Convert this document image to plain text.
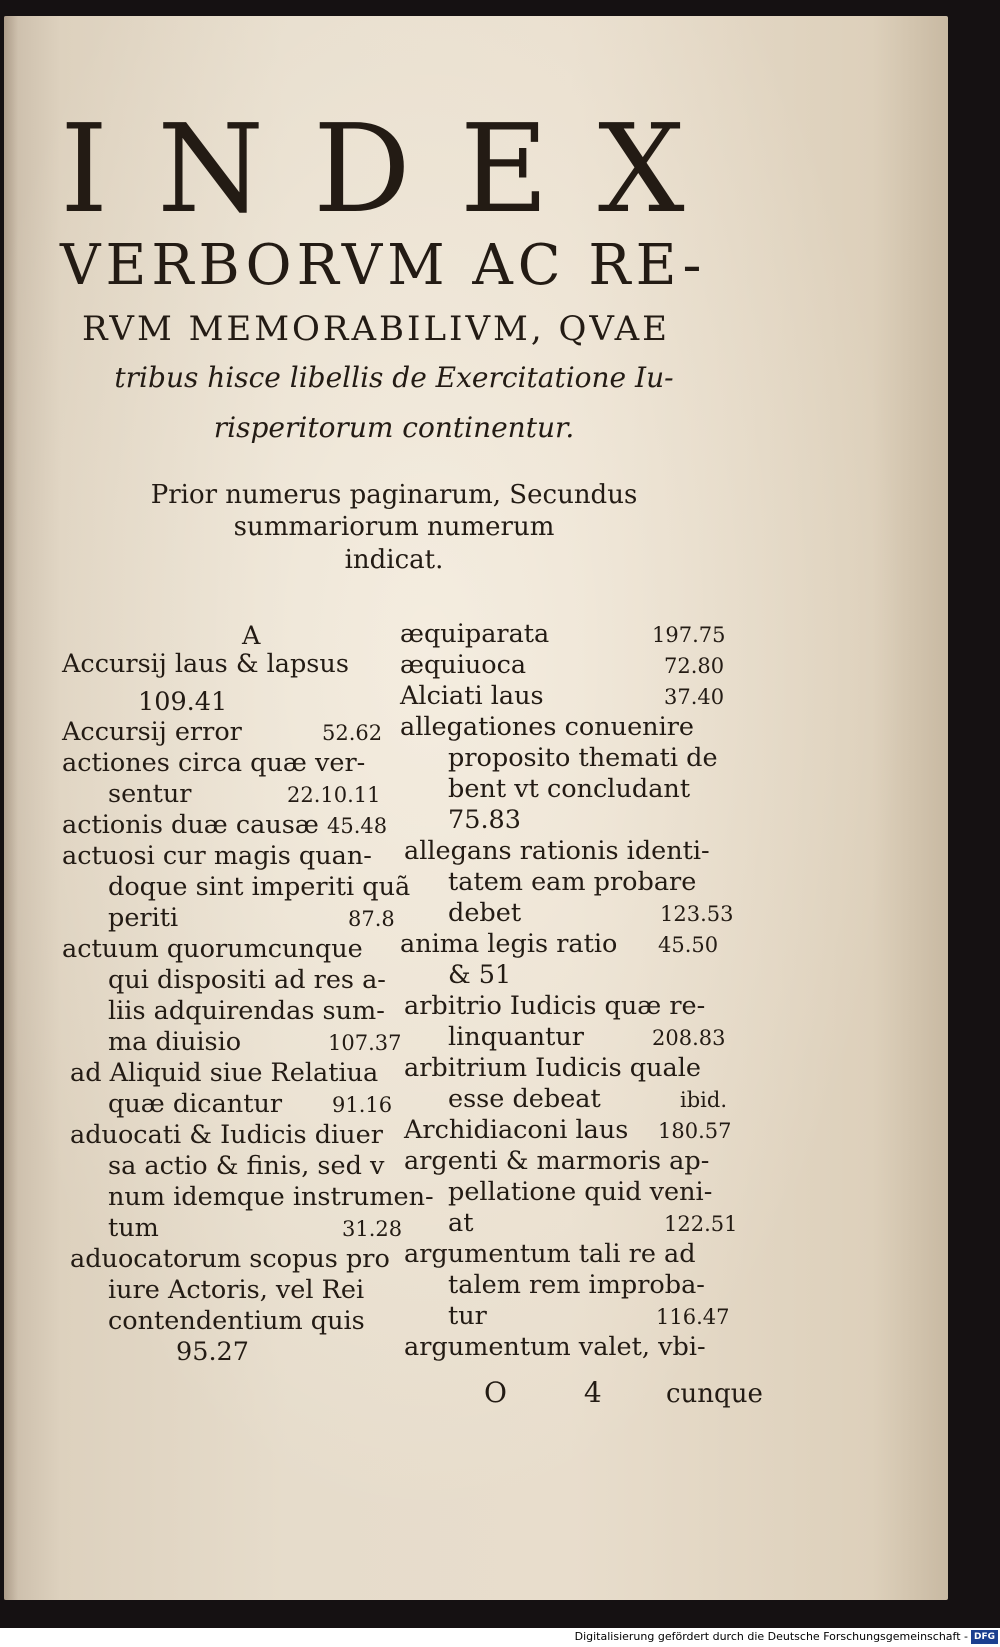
INDEX
VERBORVM AC RE-
RVM MEMORABILIVM, QVAE
tribus hisce libellis de Exercitatione Iu-
risperitorum continentur.
Prior numerus paginarum, Secundus
summariorum numerum
indicat.
A
Accursij laus & lapsus
109.41
Accursij error	52.62
actiones circa quæ ver-
sentur	22.10.11
actionis duæ causæ 45.48
actuosi cur magis quan-
doque sint imperiti quã
periti	87.8
actuum quorumcunque
qui dispositi ad res a-
liis adquirendas sum-
ma diuisio	107.37
ad Aliquid siue Relatiua
quæ dicantur 91.16
aduocati & Iudicis diuer
sa actio & finis, sed v
num idemque instrumen-
tum	31.28
aduocatorum scopus pro
iure Actoris, vel Rei
contendentium quis
95.27
æquiparata	197.75
æquiuoca	72.80
Alciati laus	37.40
allegationes conuenire
proposito themati de
bent vt concludant
75.83
allegans rationis identi-
tatem eam probare
debet	123.53
anima legis ratio 45.50
& 51
arbitrio Iudicis quæ re-
linquantur	208.83
arbitrium Iudicis quale
esse debeat	ibid.
Archidiaconi laus 180.57
argenti & marmoris ap-
pellatione quid veni-
at	122.51
argumentum tali re ad
talem rem improba-
tur	116.47
argumentum valet, vbi-
O 4 cunque
Digitalisierung gefördert durch die Deutsche Forschungsgemeinschaft - DFG
